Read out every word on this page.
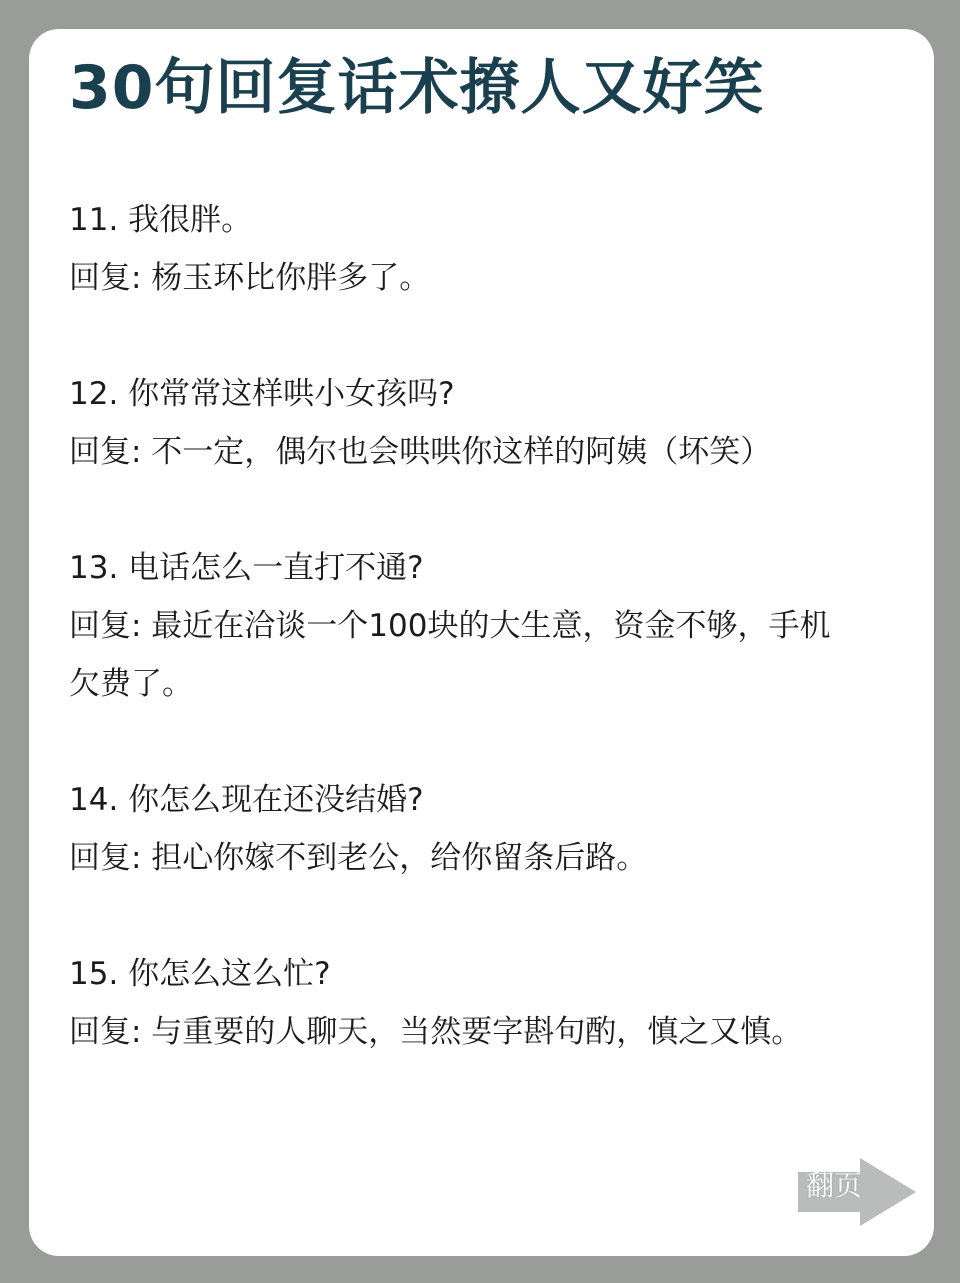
30句回复话术撩人又好笑

11. 我很胖。

回复: 杨玉环比你胖多了。

12. 你常常这样哄小女孩吗?

回复: 不一定，偶尔也会哄哄你这样的阿姨（坏笑）

13. 电话怎么一直打不通?

回复: 最近在洽谈一个100块的大生意，资金不够，手机

欠费了。

14. 你怎么现在还没结婚?

回复: 担心你嫁不到老公，给你留条后路。

15. 你怎么这么忙?

回复: 与重要的人聊天，当然要字斟句酌，慎之又慎。

翻页
